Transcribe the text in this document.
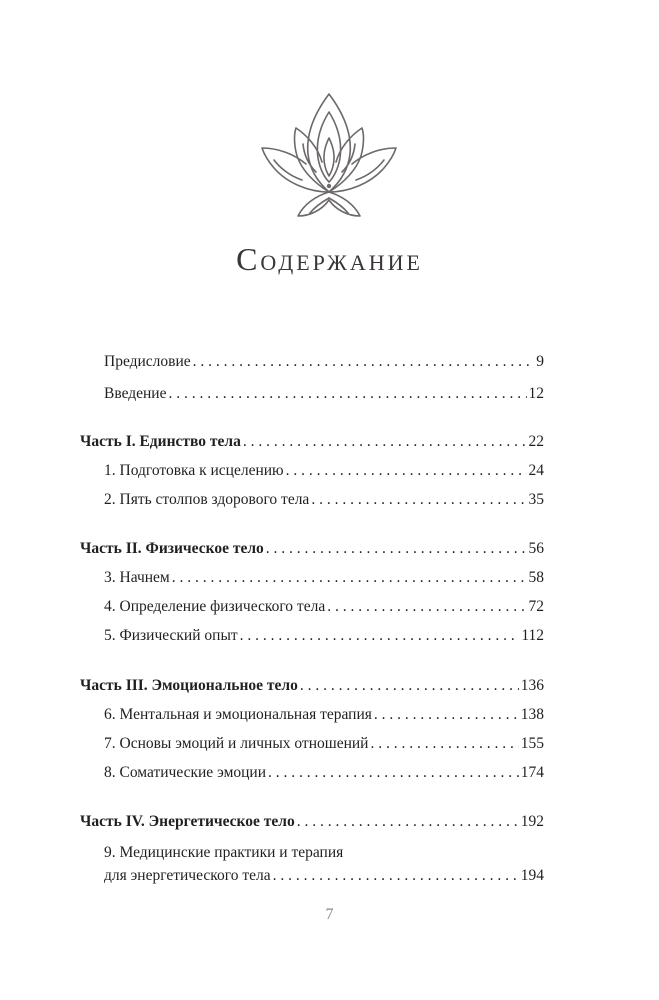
Содержание
Предисловие . . .	9
Введение . . .	12
Часть I. Единство тела . . .	22
1. Подготовка к исцелению . . .	24
2. Пять столпов здорового тела . . .	35
Часть II. Физическое тело . . .	56
3. Начнем . . .	58
4. Определение физического тела . . .	72
5. Физический опыт . . .	112
Часть III. Эмоциональное тело . . .	136
6. Ментальная и эмоциональная терапия . . .	138
7. Основы эмоций и личных отношений . . .	155
8. Соматические эмоции . . .	174
Часть IV. Энергетическое тело . . .	192
9. Медицинские практики и терапия
для энергетического тела . . .	194
7
